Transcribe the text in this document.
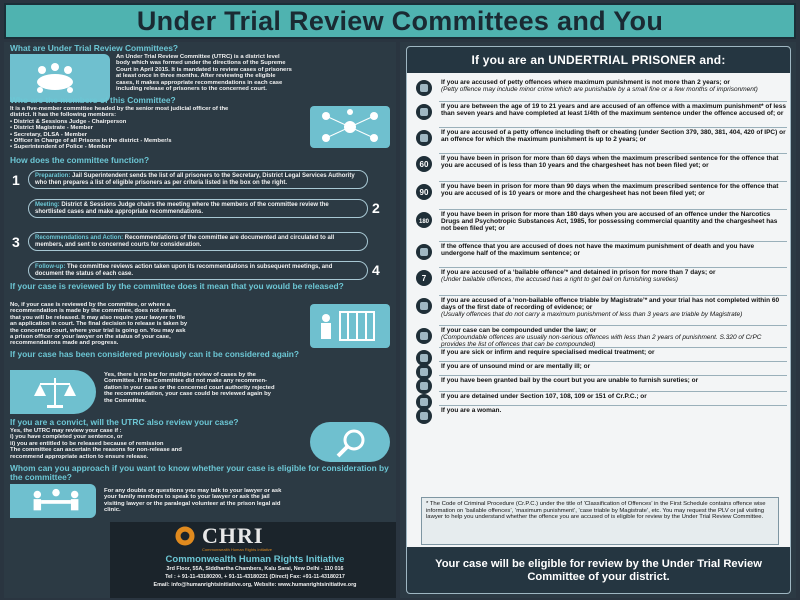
Under Trial Review Committees and You
What are Under Trial Review Committees?
An Under Trial Review Committee (UTRC) is a district level
body which was formed under the directions of the Supreme
Court in April 2015. It is mandated to review cases of prisoners
at least once in three months. After reviewing the eligible
cases, it makes appropriate recommendations in each case
including release of prisoners to the concerned court.
Who are the members of this Committee?
It is a five-member committee headed by the senior most judicial officer of the
district. It has the following members:
• District & Sessions Judge - Chairperson
• District Magistrate - Member
• Secretary, DLSA - Member
• Officer in Charge of all Prisons in the district - Member/s
• Superintendent of Police - Member
How does the committee function?
1	Preparation: Jail Superintendent sends the list of all prisoners to the Secretary, District Legal Services Authority who then prepares a list of eligible prisoners as per criteria listed in the box on the right.
2
Meeting: District & Sessions Judge chairs the meeting where the members of the committee review the shortlisted cases and make appropriate recommendations.
3	Recommendations and Action: Recommendations of the committee are documented and circulated to all members, and sent to concerned courts for consideration.
4
Follow-up: The committee reviews action taken upon its recommendations in subsequent meetings, and document the status of each case.
If your case is reviewed by the committee does it mean that you would be released?
No, if your case is reviewed by the committee, or where a
recommendation is made by the committee, does not mean
that you will be released. It may also require your lawyer to file
an application in court. The final decision to release is taken by
the concerned court, where your trial is going on. You may ask
a prison officer or your lawyer on the status of your case,
recommendations made and progress.
If your case has been considered previously can it be considered again?
Yes, there is no bar for multiple review of cases by the
Committee. If the Committee did not make any recommen-
dation in your case or the concerned court authority rejected
the recommendation, your case could be reviewed again by
the Committee.
If you are a convict, will the UTRC also review your case?
Yes, the UTRC may review your case if :
i) you have completed your sentence, or
ii) you are entitled to be released because of remission
The committee can ascertain the reasons for non-release and
recommend appropriate action to ensure release.
Whom can you approach if you want to know whether your case is eligible for consideration by the committee?
For any doubts or questions you may talk to your lawyer or ask
your family members to speak to your lawyer or ask the jail
visiting lawyer or the paralegal volunteer at the prison legal aid
clinic.
CHRI
Commonwealth Human Rights Initiative
Commonwealth Human Rights Initiative
3rd Floor, 55A, Siddhartha Chambers, Kalu Sarai, New Delhi - 110 016
Tel : + 91-11-43180200, + 91-11-43180221 (Direct) Fax: +91-11-43180217
Email: info@humanrightsinitiative.org, Website: www.humanrightsinitiative.org
If you are an UNDERTRIAL PRISONER and:
If you are accused of petty offences where maximum punishment is not more than 2 years; or
(Petty offence may include minor crime which are punishable by a small fine or a few months of imprisonment)
If you are between the age of 19 to 21 years and are accused of an offence with a maximum punishment* of less than seven years and have completed at least 1/4th of the maximum sentence under the offence accused of; or
If you are accused of a petty offence including theft or cheating (under Section 379, 380, 381, 404, 420 of IPC) or an offence for which the maximum punishment is up to 2 years; or
60
If you have been in prison for more than 60 days when the maximum prescribed sentence for the offence that you are accused of is less than 10 years and the chargesheet has not been filed yet; or
90
If you have been in prison for more than 90 days when the maximum prescribed sentence for the offence that you are accused of is 10 years or more and the chargesheet has not been filed yet; or
180
If you have been in prison for more than 180 days when you are accused of an offence under the Narcotics Drugs and Psychotropic Substances Act, 1985, for possessing commercial quantity and the chargesheet has not been filed yet; or
If the offence that you are accused of does not have the maximum punishment of death and you have undergone half of the maximum sentence; or
7
If you are accused of a ‘bailable offence’* and detained in prison for more than 7 days; or
(Under bailable offences, the accused has a right to get bail on furnishing sureties)
If you are accused of a ‘non-bailable offence triable by Magistrate’* and your trial has not completed within 60 days of the first date of recording of evidence; or
(Usually offences that do not carry a maximum punishment of less than 3 years are triable by Magistrate)
If your case can be compounded under the law; or
(Compoundable offences are usually non-serious offences with less than 2 years of punishment. S.320 of CrPC provides the list of offences that can be compounded)
If you are sick or infirm and require specialised medical treatment; or
If you are of unsound mind or are mentally ill; or
If you have been granted bail by the court but you are unable to furnish sureties; or
If you are detained under Section 107, 108, 109 or 151 of Cr.P.C.; or
If you are a woman.
* The Code of Criminal Procedure (Cr.P.C.) under the title of ‘Classification of Offences’ in the First Schedule contains offence wise information on ‘bailable offences’, ‘maximum punishment’, ‘case triable by Magistrate’, etc. You may request the PLV or jail visiting lawyer to help you understand whether the offence you are accused of is eligible for review by the Under Trial Review Committee.
Your case will be eligible for review by the Under Trial Review Committee of your district.
